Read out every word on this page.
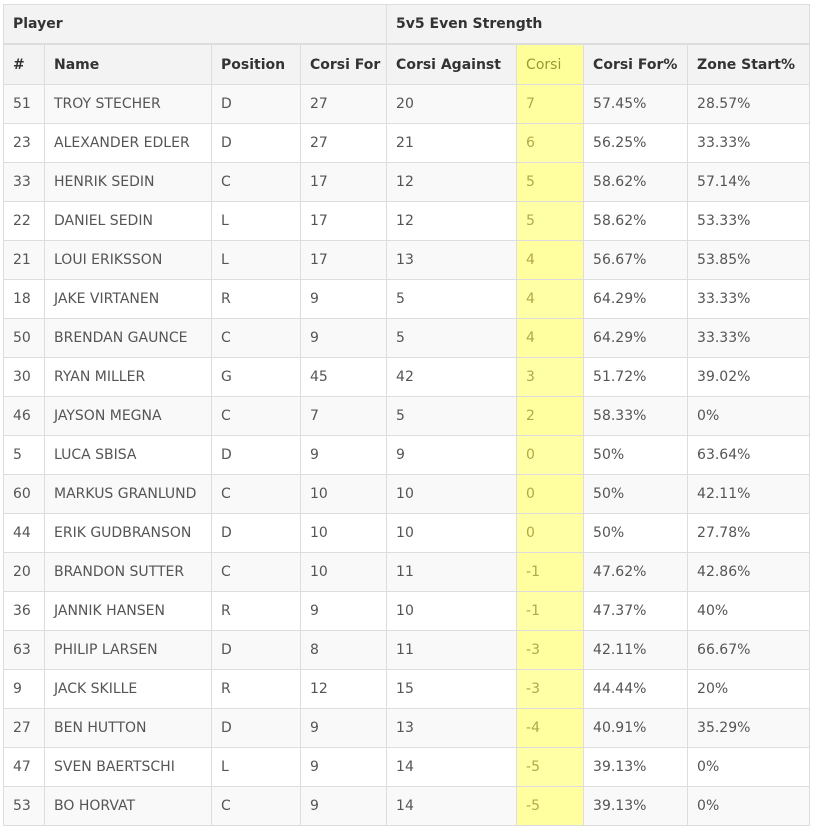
Player				5v5 Even Strength			
#	Name	Position	Corsi For	Corsi Against	Corsi	Corsi For%	Zone Start%
51	TROY STECHER	D	27	20	7	57.45%	28.57%
23	ALEXANDER EDLER	D	27	21	6	56.25%	33.33%
33	HENRIK SEDIN	C	17	12	5	58.62%	57.14%
22	DANIEL SEDIN	L	17	12	5	58.62%	53.33%
21	LOUI ERIKSSON	L	17	13	4	56.67%	53.85%
18	JAKE VIRTANEN	R	9	5	4	64.29%	33.33%
50	BRENDAN GAUNCE	C	9	5	4	64.29%	33.33%
30	RYAN MILLER	G	45	42	3	51.72%	39.02%
46	JAYSON MEGNA	C	7	5	2	58.33%	0%
5	LUCA SBISA	D	9	9	0	50%	63.64%
60	MARKUS GRANLUND	C	10	10	0	50%	42.11%
44	ERIK GUDBRANSON	D	10	10	0	50%	27.78%
20	BRANDON SUTTER	C	10	11	-1	47.62%	42.86%
36	JANNIK HANSEN	R	9	10	-1	47.37%	40%
63	PHILIP LARSEN	D	8	11	-3	42.11%	66.67%
9	JACK SKILLE	R	12	15	-3	44.44%	20%
27	BEN HUTTON	D	9	13	-4	40.91%	35.29%
47	SVEN BAERTSCHI	L	9	14	-5	39.13%	0%
53	BO HORVAT	C	9	14	-5	39.13%	0%
